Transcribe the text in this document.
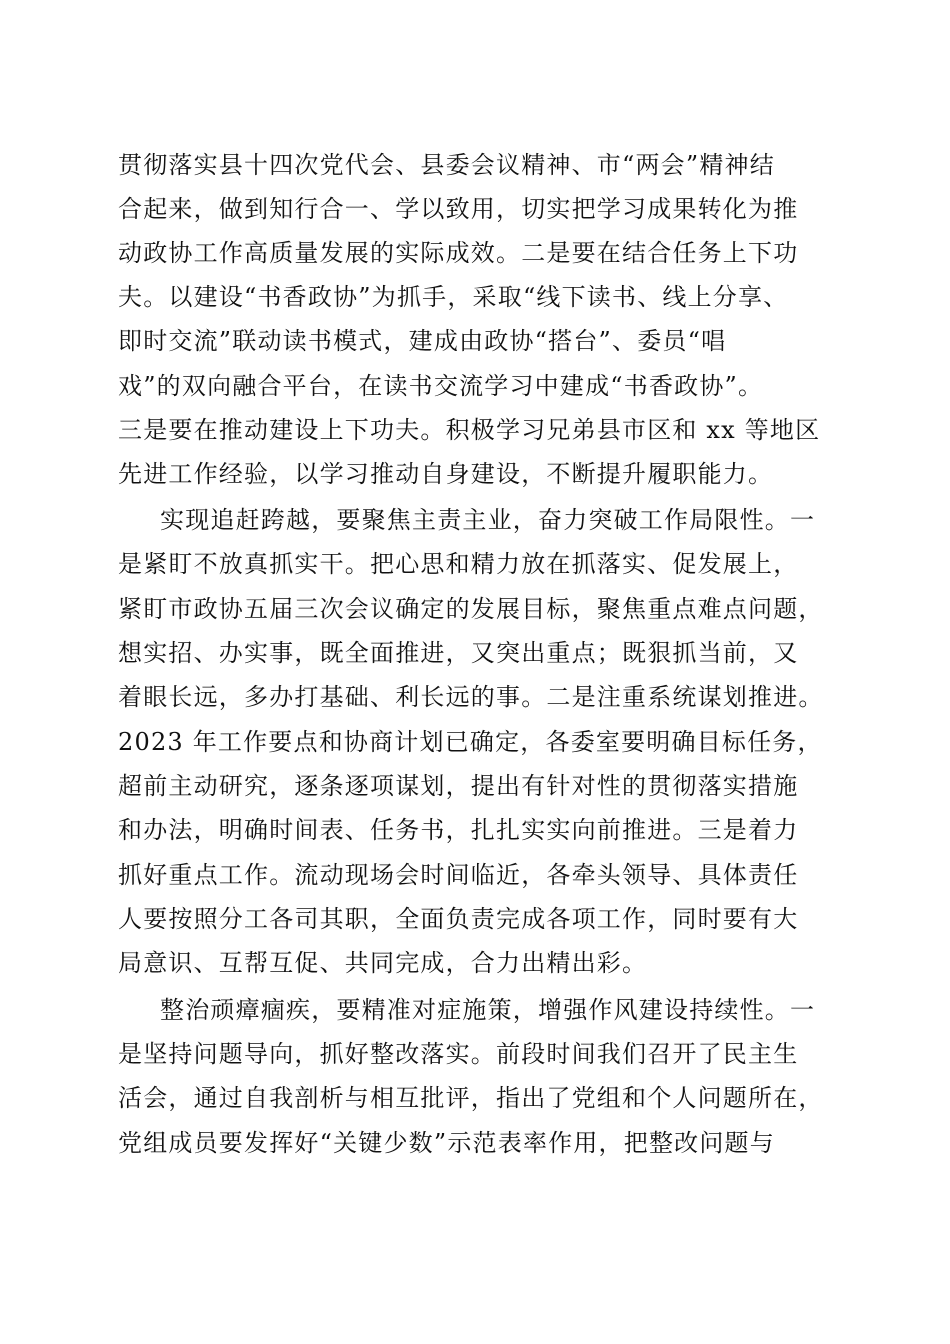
贯彻落实县十四次党代会、县委会议精神、市“两会”精神结
合起来，做到知行合一、学以致用，切实把学习成果转化为推
动政协工作高质量发展的实际成效。二是要在结合任务上下功
夫。以建设“书香政协”为抓手，采取“线下读书、线上分享、
即时交流”联动读书模式，建成由政协“搭台”、委员“唱
戏”的双向融合平台，在读书交流学习中建成“书香政协”。
三是要在推动建设上下功夫。积极学习兄弟县市区和 xx 等地区
先进工作经验，以学习推动自身建设，不断提升履职能力。
实现追赶跨越，要聚焦主责主业，奋力突破工作局限性。一
是紧盯不放真抓实干。把心思和精力放在抓落实、促发展上，
紧盯市政协五届三次会议确定的发展目标，聚焦重点难点问题，
想实招、办实事，既全面推进，又突出重点；既狠抓当前，又
着眼长远，多办打基础、利长远的事。二是注重系统谋划推进。
2023 年工作要点和协商计划已确定，各委室要明确目标任务，
超前主动研究，逐条逐项谋划，提出有针对性的贯彻落实措施
和办法，明确时间表、任务书，扎扎实实向前推进。三是着力
抓好重点工作。流动现场会时间临近，各牵头领导、具体责任
人要按照分工各司其职，全面负责完成各项工作，同时要有大
局意识、互帮互促、共同完成，合力出精出彩。
整治顽瘴痼疾，要精准对症施策，增强作风建设持续性。一
是坚持问题导向，抓好整改落实。前段时间我们召开了民主生
活会，通过自我剖析与相互批评，指出了党组和个人问题所在，
党组成员要发挥好“关键少数”示范表率作用，把整改问题与
